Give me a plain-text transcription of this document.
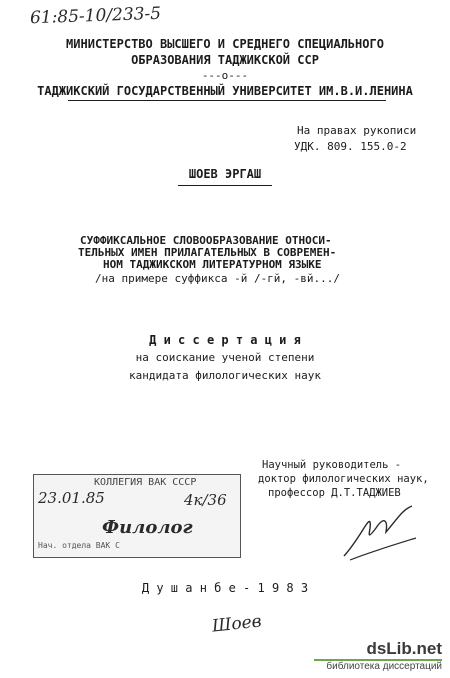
61:85-10/233-5

МИНИСТЕРСТВО ВЫСШЕГО И СРЕДНЕГО СПЕЦИАЛЬНОГО

ОБРАЗОВАНИЯ ТАДЖИКСКОЙ ССР

---о---

ТАДЖИКСКИЙ ГОСУДАРСТВЕННЫЙ УНИВЕРСИТЕТ ИМ.В.И.ЛЕНИНА

На правах рукописи

УДК. 809. 155.0-2

ШОЕВ ЭРГАШ

СУФФИКСАЛЬНОЕ СЛОВООБРАЗОВАНИЕ ОТНОСИ-

ТЕЛЬНЫХ ИМЕН ПРИЛАГАТЕЛЬНЫХ В СОВРЕМЕН-

НОМ ТАДЖИКСКОМ ЛИТЕРАТУРНОМ ЯЗЫКЕ

/на примере суффикса -й /-гй, -вй.../

Д и с с е р т а ц и я

на соискание ученой степени

кандидата филологических наук

Научный руководитель -

доктор филологических наук,

профессор Д.Т.ТАДЖИЕВ

КОЛЛЕГИЯ ВАК СССР
23.01.85	4к/36
Филолог
Нач. отдела ВАК С

Д у ш а н б е - 1 9 8 3

Шоев
dsLib.net
библиотека диссертаций
